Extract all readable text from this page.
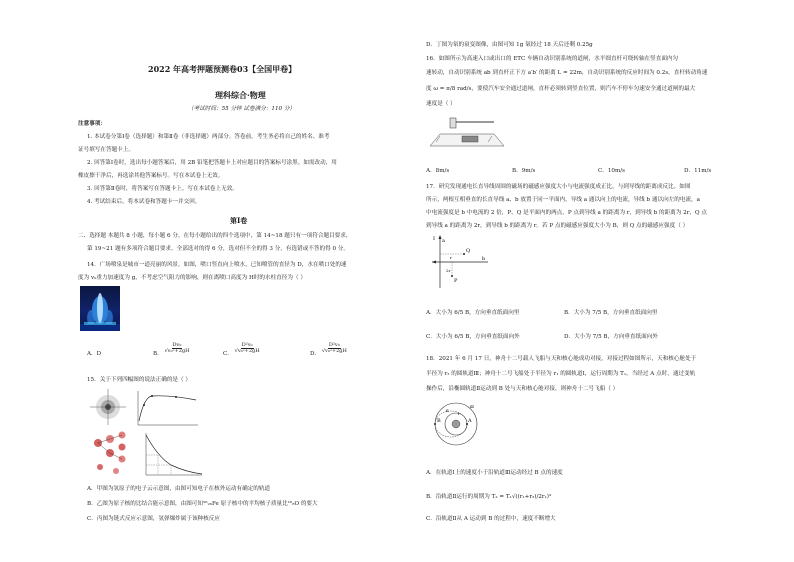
2022 年高考押题预测卷03【全国甲卷】
理科综合·物理
（考试时间：55 分钟 试卷满分：110 分）
注意事项：
1. 本试卷分第Ⅰ卷（选择题）和第Ⅱ卷（非选择题）两部分。答卷前，考生务必将自己的姓名、准考
证号填写在答题卡上。
2. 回答第Ⅰ卷时，选出每小题答案后，用 2B 铅笔把答题卡上对应题目的答案标号涂黑。如需改动，用
橡皮擦干净后，再选涂其他答案标号。写在本试卷上无效。
3. 回答第Ⅱ卷时，将答案写在答题卡上。写在本试卷上无效。
4. 考试结束后，将本试卷和答题卡一并交回。
第Ⅰ卷
二、选择题 本题共 8 小题，每小题 6 分。在每小题给出的四个选项中，第 14~18 题只有一项符合题目要求，
第 19~21 题有多项符合题目要求。全部选对的得 6 分，选对但不全的得 3 分，有选错或不答的得 0 分。
14．广场喷泉是城市一道亮丽的风景。如图，喷口竖直向上喷水，已知喷管的直径为 D，水在喷口处的速
度为 v₀重力加速度为 g，不考虑空气阻力的影响，则在离喷口高度为 H时的水柱直径为（ ）
A．D	B． $\frac{\text{Dv₀}}{\text{√v₀²+2gH}}$	C． $\frac{\text{D²v₀}}{\text{√v₀²+2gH}}$	D． $\frac{\text{D²v₀}}{\text{√v₀²+2gH}}$
15．关于下列四幅图的说法正确的是（ ）
A．甲图为氢原子的电子云示意图，由图可知电子在核外运动有确定的轨道
B．乙图为原子核的比结合能示意图，由图可知⁵⁶₂₆Fe 原子核中的平均核子质量比¹⁶₈O 的要大
C．丙图为链式反应示意图，氢弹爆炸属于该种核反应
D．丁图为氡的衰变图像，由图可知 1g 氡经过 18 天后还剩 0.25g
16．如图所示为高速入口或出口的 ETC 车辆自动识别系统的道闸，水平细直杆可绕转轴在竖直面内匀
速转动，自动识别系统 ab 到直杆正下方 a′b′ 的距离 L = 22m，自动识别系统的反应时间为 0.2s，直杆转动角速
度 ω = π/8 rad/s，要使汽车安全通过道闸，直杆必须转到竖直位置，则汽车不停车匀速安全通过道闸的最大
速度是（ ）
A．8m/s	B．9m/s	C．10m/s	D．11m/s
17．研究发现通电长直导线周围的磁场的磁感应强度大小与电流强度成正比，与到导线的距离成反比。如图
所示，两根互相垂直的长直导线 a、b 放置于同一平面内，导线 a 通以向上的电流，导线 b 通以向左的电流，a
中电流强度是 b 中电流的 2 倍，P、Q 是平面内的两点，P 点到导线 a 的距离为 r，到导线 b 的距离为 2r，Q 点
到导线 a 的距离为 2r，到导线 b 的距离为 r。若 P 点的磁感应强度大小为 B，则 Q 点的磁感应强度（ ）
a
b
Q
P
I
2r
r
A．大小为 6/5 B，方向垂直纸面向里	B．大小为 7/5 B，方向垂直纸面向里
C．大小为 6/5 B，方向垂直纸面向外	D．大小为 7/5 B，方向垂直纸面向外
18．2021 年 6 月 17 日，神舟十二号载人飞船与天和核心舱成功对接，对接过程如图所示，天和核心舱处于
半径为 r₃ 的圆轨道Ⅲ；神舟十二号飞船处于半径为 r₁ 的圆轨道Ⅰ，运行周期为 T₁，当经过 A 点时，通过变轨
操作后，沿椭圆轨道Ⅱ运动到 B 处与天和核心舱对接，则神舟十二号飞船（ ）
A
B
Ⅰ
Ⅱ
Ⅲ
A．在轨道Ⅰ上的速度小于沿轨道Ⅲ运动经过 B 点的速度
B．沿轨道Ⅱ运行的周期为 T₂ = T₁√((r₁+r₃)/2r₁)³
C．沿轨道Ⅱ从 A 运动到 B 的过程中，速度不断增大
